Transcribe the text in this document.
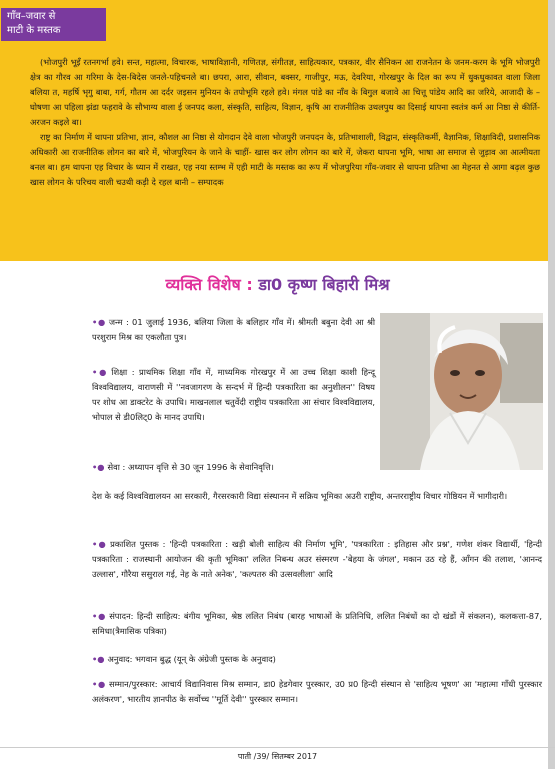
गाँव–जवार से
माटी के मस्तक

(भोजपुरी भूइँ रतनगर्भा हवे। सन्त, महात्मा, विचारक, भाषाविज्ञानी, गणितज्ञ, संगीतज्ञ, साहित्यकार, पत्रकार, वीर सैनिकन आ राजनेतन के जनम-करम के भूमि भोजपुरी क्षेत्र का गौरव आ गरिमा के देस-बिदेस जनले-पहिचनले बा। छपरा, आरा, सीवान, बक्सर, गाजीपुर, मऊ, देवरिया, गोरखपुर के दिल का रूप में धुकधुकावत वाला जिला बलिया त, महर्षि भृगु बाबा, गर्ग, गौतम आ दर्दर जइसन मुनियन के तपोभूमि रहले हवे। मंगल पांडे का नाँव के बिगुल बजावे आ चित्तू पांडेय आदि का जरिये, आजादी के – घोषणा आ पहिला झंडा फहरावे के सौभाग्य वाला ई जनपद कला, संस्कृति, साहित्य, विज्ञान, कृषि आ राजनीतिक उथलपुथ का दिसाई थापना स्वतंत्र कर्म आ निष्ठा से कीर्ति-अरजन कइले बा।

राष्ट्र का निर्माण में थापना प्रतिभा, ज्ञान, कौशल आ निष्ठा से योगदान देवे वाला भोजपुरी जनपदन के, प्रतिभाशाली, विद्वान, संस्कृतिकर्मी, वैज्ञानिक, शिक्षाविदी, प्रशासनिक अधिकारी आ राजनीतिक लोगन का बारे में, भोजपुरियन के जाने के चाहीं- खास कर लोग लोगन का बारे में, जेकरा थापना भूमि, भाषा आ समाज से जुड़ाव आ आत्मीयता बनल बा। हम थापना एह विचार के ध्यान में राखत, एह नया स्तम्भ में एही माटी के मस्तक का रूप में भोजपुरिया गाँव-जवार से थापना प्रतिभा आ मेहनत से आगा बढ़ल कुछ खास लोगन के परिचय वाली चउथी कड़ी दे रहल बानी – सम्पादक

व्यक्ति विशेष : डा0 कृष्ण बिहारी मिश्र
•● जन्म : 01 जुलाई 1936, बलिया जिला के बलिहार गाँव में। श्रीमती बबुना देवी आ श्री परशुराम मिश्र का एकलौता पुत्र।
•● शिक्षा : प्राथमिक शिक्षा गाँव में, माध्यमिक गोरखपुर में आ उच्च शिक्षा काशी हिन्दू विश्वविद्यालय, वाराणसी में ''नवजागरण के सन्दर्भ में हिन्दी पत्रकारिता का अनुशीलन'' विषय पर शोध आ डाक्टरेट के उपाधि। माखनलाल चतुर्वेदी राष्ट्रीय पत्रकारिता आ संचार विश्वविद्यालय, भोपाल से डी0लिट्0 के मानद उपाधि।
•● सेवा : अध्यापन वृत्ति से 30 जून 1996 के सेवानिवृत्ति।
देश के कई विश्वविद्यालयन आ सरकारी, गैरसरकारी विद्या संस्थानन में सक्रिय भूमिका अउरी राष्ट्रीय, अन्तरराष्ट्रीय विचार गोष्ठियन में भागीदारी।
•● प्रकाशित पुस्तक : 'हिन्दी पत्रकारिता : खड़ी बोली साहित्य की निर्माण भूमि', 'पत्रकारिता : इतिहास और प्रश्न', गणेश शंकर विद्यार्थी, 'हिन्दी पत्रकारिता : राजस्थानी आयोजन की कृती भूमिका' ललित निबन्ध अउर संस्मरण -'बेहया के जंगल', मकान उठ रहे हैं, आँगन की तलाश, 'आनन्द उल्लास', गौरैया ससुराल गई, नेह के नाते अनेक', 'कल्पतरु की उत्सवलीला' आदि
•● संपादन: हिन्दी साहित्य: बंगीय भूमिका, श्रेष्ठ ललित निबंध (बारह भाषाओं के प्रतिनिधि, ललित निबंधों का दो खंडों में संकलन), कलकत्ता-87, समिधा(त्रैमासिक पत्रिका)
•● अनुवाद: भगवान बुद्ध (यून् के अंग्रेजी पुस्तक के अनुवाद)
•● सम्मान/पुरस्कार: आचार्य विद्यानिवास मिश्र सम्मान, डा0 हेडगेवार पुरस्कार, उ0 प्र0 हिन्दी संस्थान से 'साहित्य भूषण' आ 'महात्मा गाँधी पुरस्कार अलंकरण', भारतीय ज्ञानपीठ के सर्वोच्च ''मूर्ति देवी'' पुरस्कार सम्मान।
पाती /39/ सितम्बर 2017
